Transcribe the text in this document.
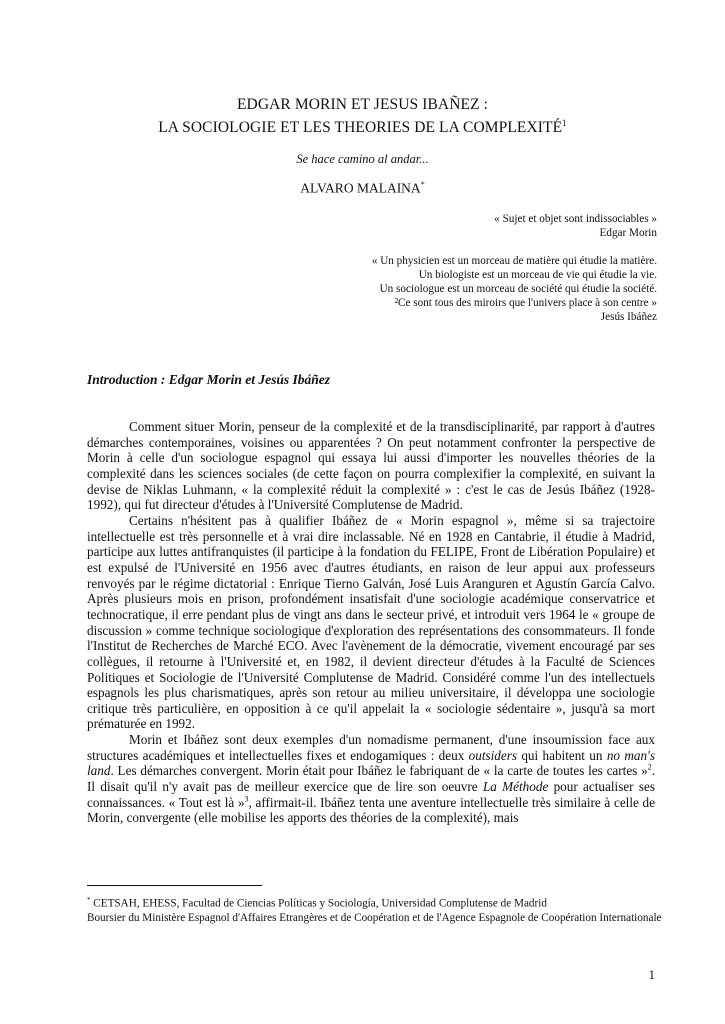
EDGAR MORIN ET JESUS IBAÑEZ :
LA SOCIOLOGIE ET LES THEORIES DE LA COMPLEXITÉ$^1$
Se hace camino al andar...
ALVARO MALAINA*
« Sujet et objet sont indissociables »
Edgar Morin
« Un physicien est un morceau de matière qui étudie la matière.
Un biologiste est un morceau de vie qui étudie la vie.
Un sociologue est un morceau de société qui étudie la société.
²Ce sont tous des miroirs que l'univers place à son centre »
Jesús Ibáñez
Introduction : Edgar Morin et Jesús Ibáñez

Comment situer Morin, penseur de la complexité et de la transdisciplinarité, par rapport à d'autres démarches contemporaines, voisines ou apparentées ? On peut notamment confronter la perspective de Morin à celle d'un sociologue espagnol qui essaya lui aussi d'importer les nouvelles théories de la complexité dans les sciences sociales (de cette façon on pourra complexifier la complexité, en suivant la devise de Niklas Luhmann, « la complexité réduit la complexité » : c'est le cas de Jesús Ibáñez (1928-1992), qui fut directeur d'études à l'Université Complutense de Madrid.

Certains n'hésitent pas à qualifier Ibáñez de « Morin espagnol », même si sa trajectoire intellectuelle est très personnelle et à vrai dire inclassable. Né en 1928 en Cantabrie, il étudie à Madrid, participe aux luttes antifranquistes (il participe à la fondation du FELIPE, Front de Libération Populaire) et est expulsé de l'Université en 1956 avec d'autres étudiants, en raison de leur appui aux professeurs renvoyés par le régime dictatorial : Enrique Tierno Galván, José Luis Aranguren et Agustín García Calvo. Après plusieurs mois en prison, profondément insatisfait d'une sociologie académique conservatrice et technocratique, il erre pendant plus de vingt ans dans le secteur privé, et introduit vers 1964 le « groupe de discussion » comme technique sociologique d'exploration des représentations des consommateurs. Il fonde l'Institut de Recherches de Marché ECO. Avec l'avènement de la démocratie, vivement encouragé par ses collègues, il retourne à l'Université et, en 1982, il devient directeur d'études à la Faculté de Sciences Politiques et Sociologie de l'Université Complutense de Madrid. Considéré comme l'un des intellectuels espagnols les plus charismatiques, après son retour au milieu universitaire, il développa une sociologie critique très particulière, en opposition à ce qu'il appelait la « sociologie sédentaire », jusqu'à sa mort prématurée en 1992.

Morin et Ibáñez sont deux exemples d'un nomadisme permanent, d'une insoumission face aux structures académiques et intellectuelles fixes et endogamiques : deux outsiders qui habitent un no man's land. Les démarches convergent. Morin était pour Ibáñez le fabriquant de « la carte de toutes les cartes »$^2$. Il disait qu'il n'y avait pas de meilleur exercice que de lire son oeuvre La Méthode pour actualiser ses connaissances. « Tout est là »$^3$, affirmait-il. Ibáñez tenta une aventure intellectuelle très similaire à celle de Morin, convergente (elle mobilise les apports des théories de la complexité), mais

* CETSAH, EHESS, Facultad de Ciencias Políticas y Sociología, Universidad Complutense de Madrid
Boursier du Ministère Espagnol d'Affaires Etrangères et de Coopération et de l'Agence Espagnole de Coopération Internationale
1
